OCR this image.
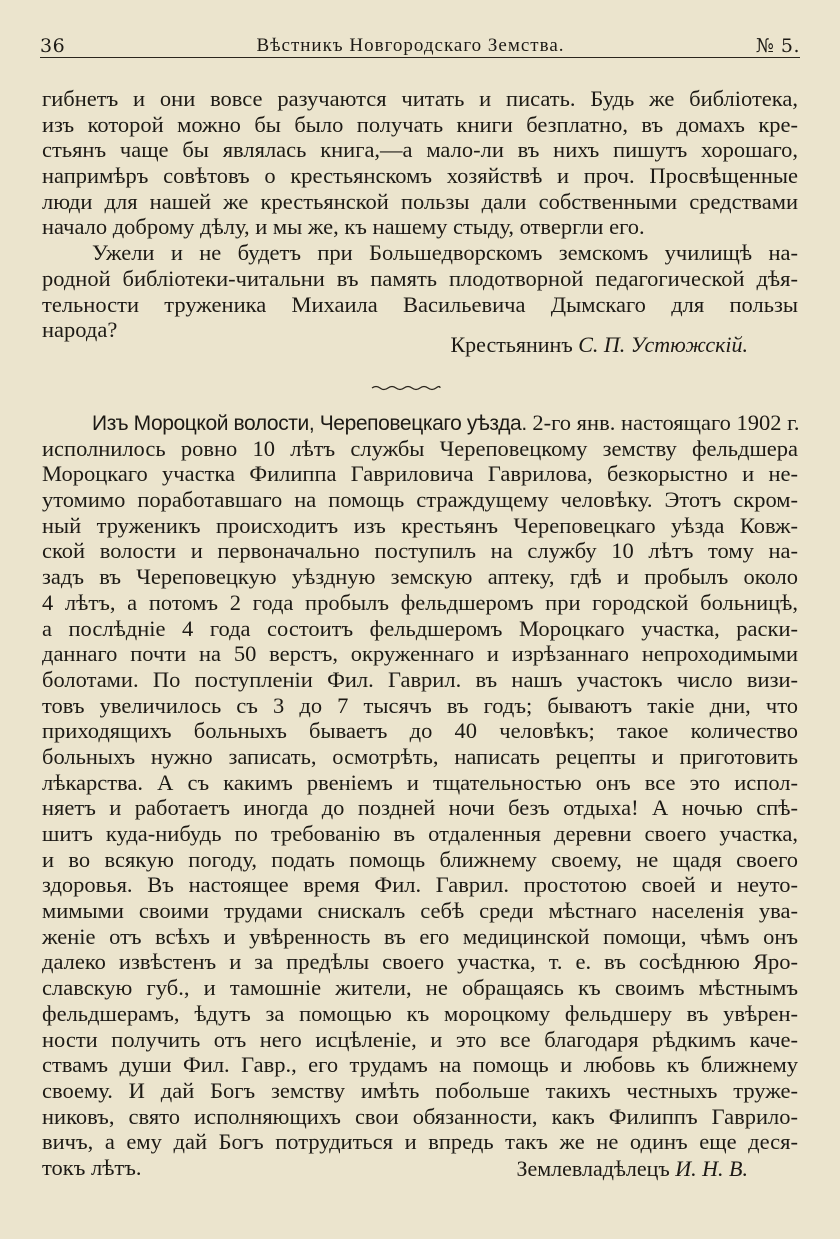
36	Вѣстникъ Новгородскаго Земства.	№ 5.
гибнетъ и они вовсе разучаются читать и писать. Будь же библіотека,
изъ которой можно бы было получать книги безплатно, въ домахъ кре-
стьянъ чаще бы являлась книга,—а мало-ли въ нихъ пишутъ хорошаго,
напримѣръ совѣтовъ о крестьянскомъ хозяйствѣ и проч. Просвѣщенные
люди для нашей же крестьянской пользы дали собственными средствами
начало доброму дѣлу, и мы же, къ нашему стыду, отвергли его.
Ужели и не будетъ при Большедворскомъ земскомъ училищѣ на-
родной библіотеки-читальни въ память плодотворной педагогической дѣя-
тельности труженика Михаила Васильевича Дымскаго для пользы
народа?
Крестьянинъ С. П. Устюжскій.
Изъ Мороцкой волости, Череповецкаго уѣзда. 2-го янв. настоящаго 1902 г.
исполнилось ровно 10 лѣтъ службы Череповецкому земству фельдшера
Мороцкаго участка Филиппа Гавриловича Гаврилова, безкорыстно и не-
утомимо поработавшаго на помощь страждущему человѣку. Этотъ скром-
ный труженикъ происходитъ изъ крестьянъ Череповецкаго уѣзда Ковж-
ской волости и первоначально поступилъ на службу 10 лѣтъ тому на-
задъ въ Череповецкую уѣздную земскую аптеку, гдѣ и пробылъ около
4 лѣтъ, а потомъ 2 года пробылъ фельдшеромъ при городской больницѣ,
а послѣдніе 4 года состоитъ фельдшеромъ Мороцкаго участка, раски-
даннаго почти на 50 верстъ, окруженнаго и изрѣзаннаго непроходимыми
болотами. По поступленіи Фил. Гаврил. въ нашъ участокъ число визи-
товъ увеличилось съ 3 до 7 тысячъ въ годъ; бываютъ такіе дни, что
приходящихъ больныхъ бываетъ до 40 человѣкъ; такое количество
больныхъ нужно записать, осмотрѣть, написать рецепты и приготовить
лѣкарства. А съ какимъ рвеніемъ и тщательностью онъ все это испол-
няетъ и работаетъ иногда до поздней ночи безъ отдыха! А ночью спѣ-
шитъ куда-нибудь по требованію въ отдаленныя деревни своего участка,
и во всякую погоду, подать помощь ближнему своему, не щадя своего
здоровья. Въ настоящее время Фил. Гаврил. простотою своей и неуто-
мимыми своими трудами снискалъ себѣ среди мѣстнаго населенія ува-
женіе отъ всѣхъ и увѣренность въ его медицинской помощи, чѣмъ онъ
далеко извѣстенъ и за предѣлы своего участка, т. е. въ сосѣднюю Яро-
славскую губ., и тамошніе жители, не обращаясь къ своимъ мѣстнымъ
фельдшерамъ, ѣдутъ за помощью къ мороцкому фельдшеру въ увѣрен-
ности получить отъ него исцѣленіе, и это все благодаря рѣдкимъ каче-
ствамъ души Фил. Гавр., его трудамъ на помощь и любовь къ ближнему
своему. И дай Богъ земству имѣть побольше такихъ честныхъ труже-
никовъ, свято исполняющихъ свои обязанности, какъ Филиппъ Гаврило-
вичъ, а ему дай Богъ потрудиться и впредь такъ же не одинъ еще деся-
токъ лѣтъ.	Землевладѣлецъ И. Н. В.
